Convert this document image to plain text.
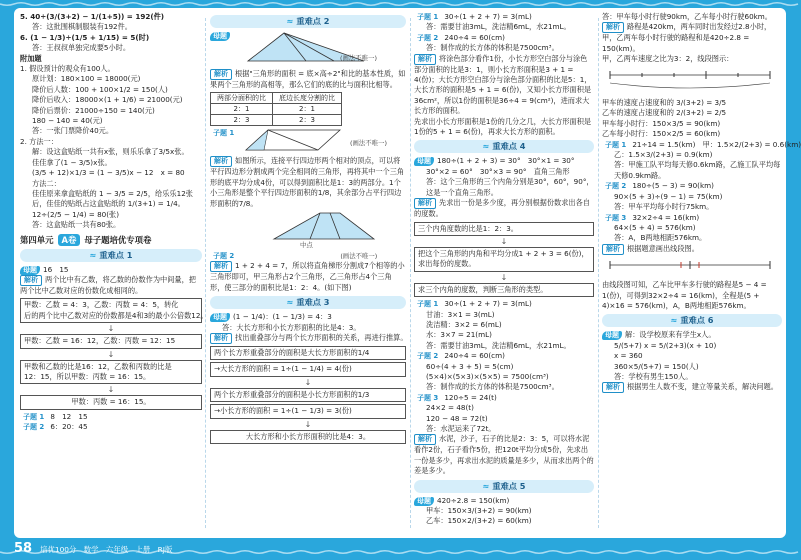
5. 40÷(3/(3+2) − 1/(1+5)) = 192(件)
答：这批围棋制服装有192件。
6. (1 − 1/3)÷(1/5 + 1/15) = 5(时)
答：王叔叔单独完成要5小时。
附加题
1. 假设预计的观众有100人。
原计划：180×100 = 18000(元)
降价后人数：100 + 100×1/2 = 150(人)
降价后收入：18000×(1 + 1/6) = 21000(元)
降价后票价：21000÷150 = 140(元)
180 − 140 = 40(元)
答：一张门票降价40元。
2. 方法一：
解：设这盒贴纸一共有x张，则乐乐拿了3/5x张。
佳佳拿了(1 − 3/5)x张。
(3/5 + 12)×1/3 = (1 − 3/5)x − 12　x = 80
方法二：
佳佳原来拿盒贴纸的 1 − 3/5 = 2/5，给乐乐12张
后，佳佳的贴纸占这盒贴纸的 1/(3+1) = 1/4。
12÷(2/5 − 1/4) = 80(张)
答：这盒贴纸一共有80张。
第四单元 A卷 母子题培优专项卷
≈ 重难点 1
母题 16　15
解析 两个比中有乙数，将乙数的份数作为中间量，把两个比中乙数对应的份数化成相同的。
甲数：乙数 = 4：3，乙数：丙数 = 4：5，转化
后的两个比中乙数对应的份数都是4和3的最小公倍数12。
↓
甲数：乙数 = 16：12，乙数：丙数 = 12：15
↓
甲数和乙数的比是16：12，乙数和丙数的比是
12：15，所以甲数：丙数 = 16：15。
↓
甲数：丙数 = 16：15。
子题 1 8　12　15
子题 2 6：20：45
≈ 重难点 2
母题
(画法不唯一)
解析 根据"三角形的面积 = 底×高÷2"和比的基本性质，如果两个三角形的高相等，那么它们的底的比与面积比相等。
两部分面积的比	底边长度分割的比
2：1	2：1
2：3	2：3
子题 1
(画法不唯一)
解析 如图所示，连接平行四边形两个相对的顶点，可以将平行四边形分割成两个完全相同的三角形，再将其中一个三角形的底平均分成4份，可以得到面积比是1：3的两部分。1个小三角形是整个平行四边形面积的1/8，其余部分占平行四边形面积的7/8。
中点
子题 2	(画法不唯一)
解析 1 + 2 + 4 = 7，所以将直角梯形分割成7个相等的小三角形即可，甲三角形占2个三角形，乙三角形占4个三角形，使三部分的面积比是1：2：4。(如下图)
≈ 重难点 3
母题 (1 − 1/4)：(1 − 1/3) = 4：3
答：大长方形和小长方形面积的比是4：3。
解析 找出重叠部分与两个长方形面积的关系，再进行推算。
两个长方形重叠部分的面积是大长方形面积的1/4
→大长方形的面积 = 1÷(1 − 1/4) = 4(份)
↓
两个长方形重叠部分的面积是小长方形面积的1/3
→小长方形的面积 = 1÷(1 − 1/3) = 3(份)
↓
大长方形和小长方形面积的比是4：3。
子题 1 30÷(1 + 2 + 7) = 3(mL)
答：需要甘油3mL，洗洁精6mL，水21mL。
子题 2 240÷4 = 60(cm)
答：制作成的长方体的体积是7500cm³。
解析 将涂色部分看作1份，小长方形空白部分与涂色部分面积的比是3：1，则小长方形面积是3 + 1 = 4(份)；大长方形空白部分与涂色部分面积的比是5：1，大长方形的面积是5 + 1 = 6(份)，又知小长方形面积是36cm²，所以1份的面积是36÷4 = 9(cm²)，进而求大长方形的面积。
先求出小长方形面积是1份的几分之几，大长方形面积是1份的5 + 1 = 6(份)，再求大长方形的面积。
≈ 重难点 4
母题 180÷(1 + 2 + 3) = 30°　30°×1 = 30°
30°×2 = 60°　30°×3 = 90°　直角三角形
答：这个三角形的三个内角分别是30°，60°，90°，这是一个直角三角形。
解析 先求出一份是多少度，再分别根据份数求出各自的度数。
三个内角度数的比是1：2：3。
↓
把这个三角形的内角和平均分成1 + 2 + 3 = 6(份)，求出每份的度数。
↓
求三个内角的度数，判断三角形的类型。
子题 1 30÷(1 + 2 + 7) = 3(mL)
甘油：3×1 = 3(mL)
洗洁精：3×2 = 6(mL)
水：3×7 = 21(mL)
答：需要甘油3mL，洗洁精6mL，水21mL。
子题 2 240÷4 = 60(cm)
60÷(4 + 3 + 5) = 5(cm)
(5×4)×(5×3)×(5×5) = 7500(cm³)
答：制作成的长方体的体积是7500cm³。
子题 3 120÷5 = 24(t)
24×2 = 48(t)
120 − 48 = 72(t)
答：水泥运来了72t。
解析 水泥，沙子，石子的比是2：3：5，可以将水泥看作2份，石子看作5份，把120t平均分成5份，先求出一份是多少，再求出水泥的质量是多少，从而求出两个的差是多少。
≈ 重难点 5
母题 420÷2.8 = 150(km)
甲车：150×3/(3+2) = 90(km)
乙车：150×2/(3+2) = 60(km)
答：甲车每小时行驶90km，乙车每小时行驶60km。
解析 路程是420km，两车同时出发经过2.8小时，甲，乙两车每小时行驶的路程和是420÷2.8 = 150(km)。
甲，乙两车速度之比为3：2，线段图示：
甲车的速度占速度和的 3/(3+2) = 3/5
乙车的速度占速度和的 2/(3+2) = 2/5
甲车每小时行：150×3/5 = 90(km)
乙车每小时行：150×2/5 = 60(km)
子题 1 21÷14 = 1.5(km)　甲：1.5×2/(2+3) = 0.6(km)
乙：1.5×3/(2+3) = 0.9(km)
答：甲施工队平均每天修0.6km路，乙施工队平均每天修0.9km路。
子题 2 180÷(5 − 3) = 90(km)
90×(5 + 3)÷(9 − 1) = 75(km)
答：甲车平均每小时行75km。
子题 3 32×2÷4 = 16(km)
64×(5 + 4) = 576(km)
答：A，B两地相距576km。
解析 根据题意画出线段图。
由线段图可知，乙车比甲车多行驶的路程是5 − 4 = 1(份)，可得到32×2÷4 = 16(km)，全程是(5 + 4)×16 = 576(km)，A，B两地相距576km。
≈ 重难点 6
母题 解：设学校原来有学生x人。
5/(5+7) x = 5/(2+3)(x + 10)
x = 360
360×5/(5+7) = 150(人)
答：学校有男生150人。
解析 根据男生人数不变，建立等量关系，解决问题。
58 培优100分　数学　六年级　上册　RJ版
